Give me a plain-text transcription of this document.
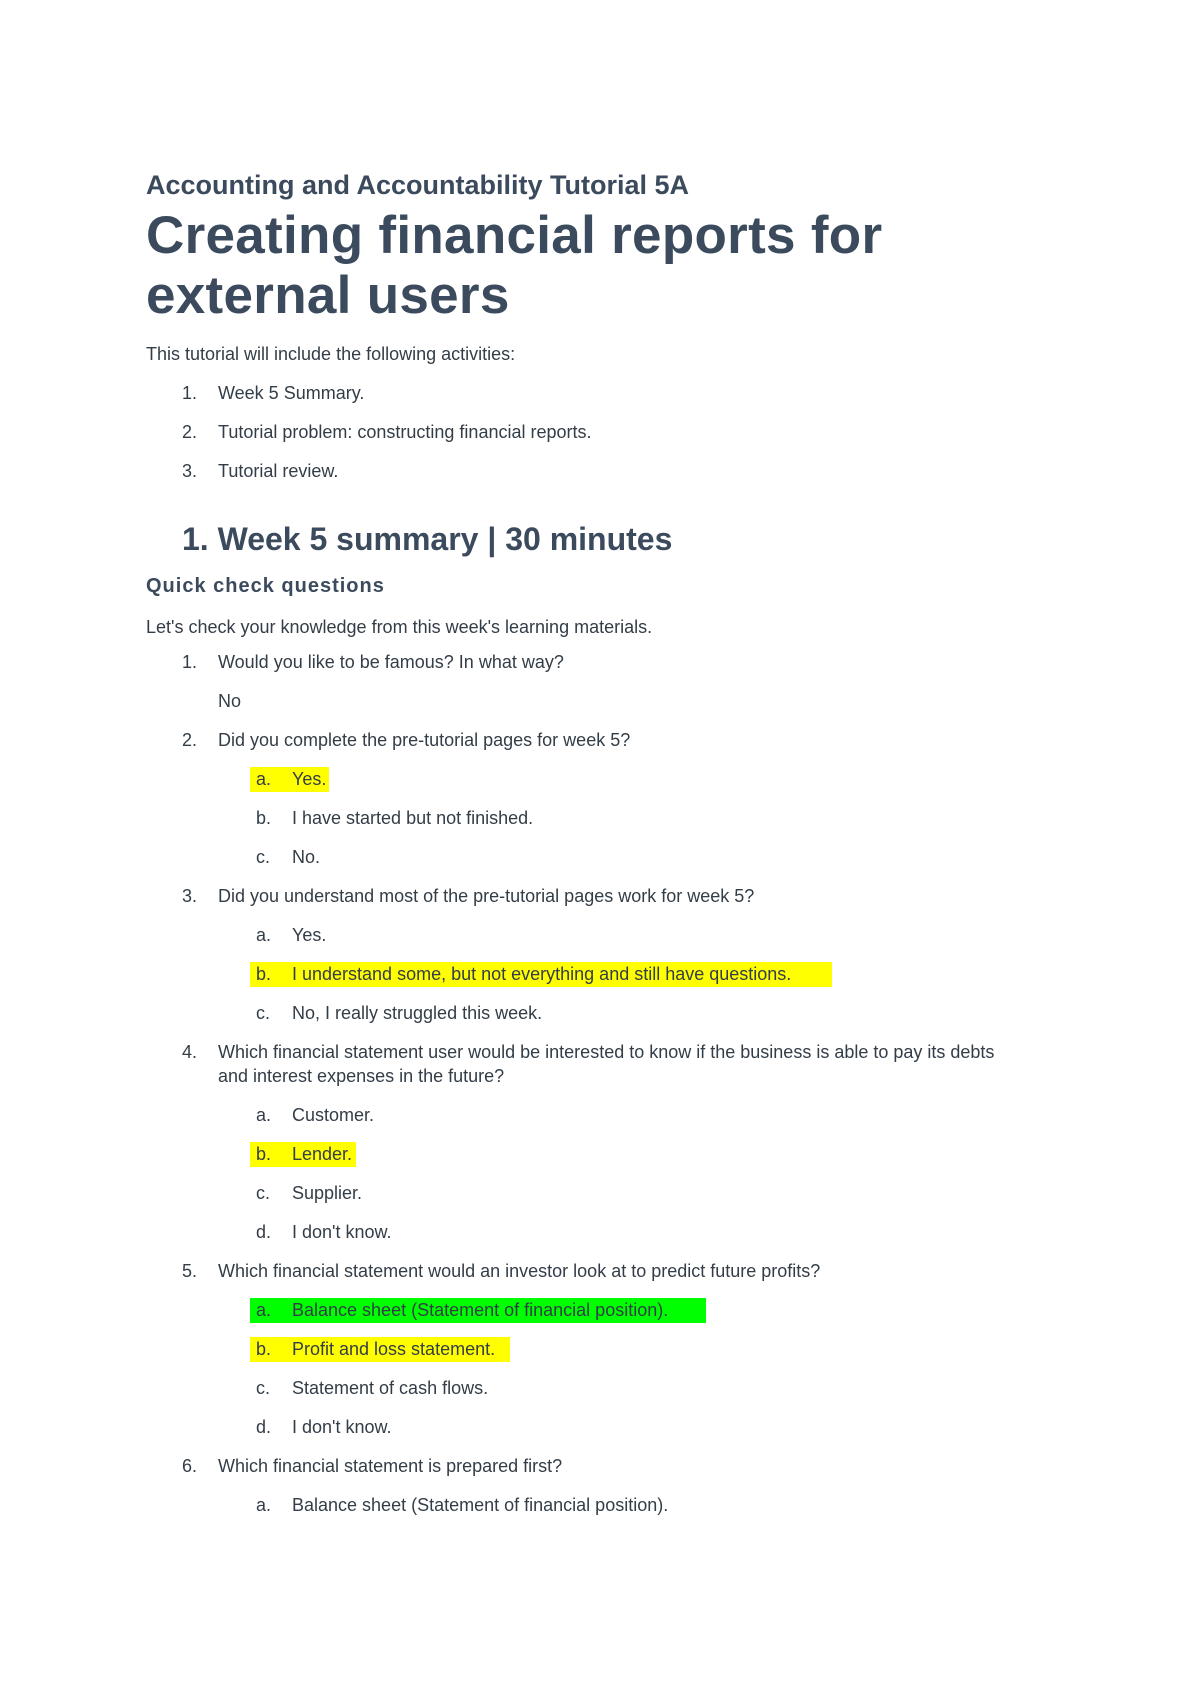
Accounting and Accountability Tutorial 5A
Creating financial reports for
external users

This tutorial will include the following activities:

1. Week 5 Summary.
2. Tutorial problem: constructing financial reports.
3. Tutorial review.
1. Week 5 summary | 30 minutes
Quick check questions

Let's check your knowledge from this week's learning materials.

1. Would you like to be famous? In what way?
No
2. Did you complete the pre-tutorial pages for week 5?
a. Yes.
b. I have started but not finished.
c. No.
3. Did you understand most of the pre-tutorial pages work for week 5?
a. Yes.
b. I understand some, but not everything and still have questions.
c. No, I really struggled this week.
4. Which financial statement user would be interested to know if the business is able to pay its debts
and interest expenses in the future?
a. Customer.
b. Lender.
c. Supplier.
d. I don't know.
5. Which financial statement would an investor look at to predict future profits?
a. Balance sheet (Statement of financial position).
b. Profit and loss statement.
c. Statement of cash flows.
d. I don't know.
6. Which financial statement is prepared first?
a. Balance sheet (Statement of financial position).
